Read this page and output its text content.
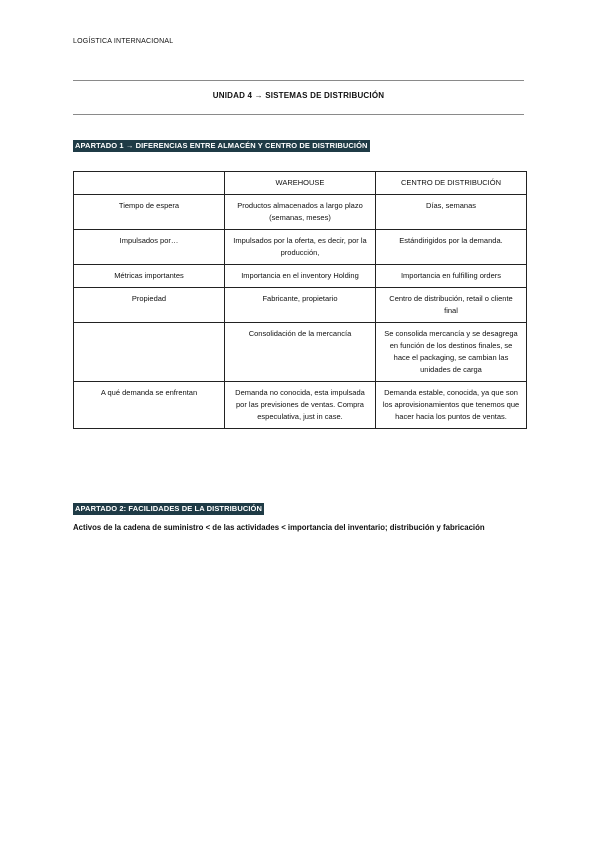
LOGÍSTICA INTERNACIONAL
UNIDAD 4 → SISTEMAS DE DISTRIBUCIÓN
APARTADO 1 → DIFERENCIAS ENTRE ALMACÉN Y CENTRO DE DISTRIBUCIÓN
	WAREHOUSE	CENTRO DE DISTRIBUCIÓN
Tiempo de espera	Productos almacenados a largo plazo (semanas, meses)	Días, semanas
Impulsados por…	Impulsados por la oferta, es decir, por la producción,	Estándirigidos por la demanda.
Métricas importantes	Importancia en el inventory Holding	Importancia en fulfilling orders
Propiedad	Fabricante, propietario	Centro de distribución, retail o cliente final
	Consolidación de la mercancía	Se consolida mercancía y se desagrega en función de los destinos finales, se hace el packaging, se cambian las unidades de carga
A qué demanda se enfrentan	Demanda no conocida, esta impulsada por las previsiones de ventas. Compra especulativa, just in case.	Demanda estable, conocida, ya que son los aprovisionamientos que tenemos que hacer hacia los puntos de ventas.
APARTADO 2: FACILIDADES DE LA DISTRIBUCIÓN
Activos de la cadena de suministro < de las actividades < importancia del inventario; distribución y fabricación
